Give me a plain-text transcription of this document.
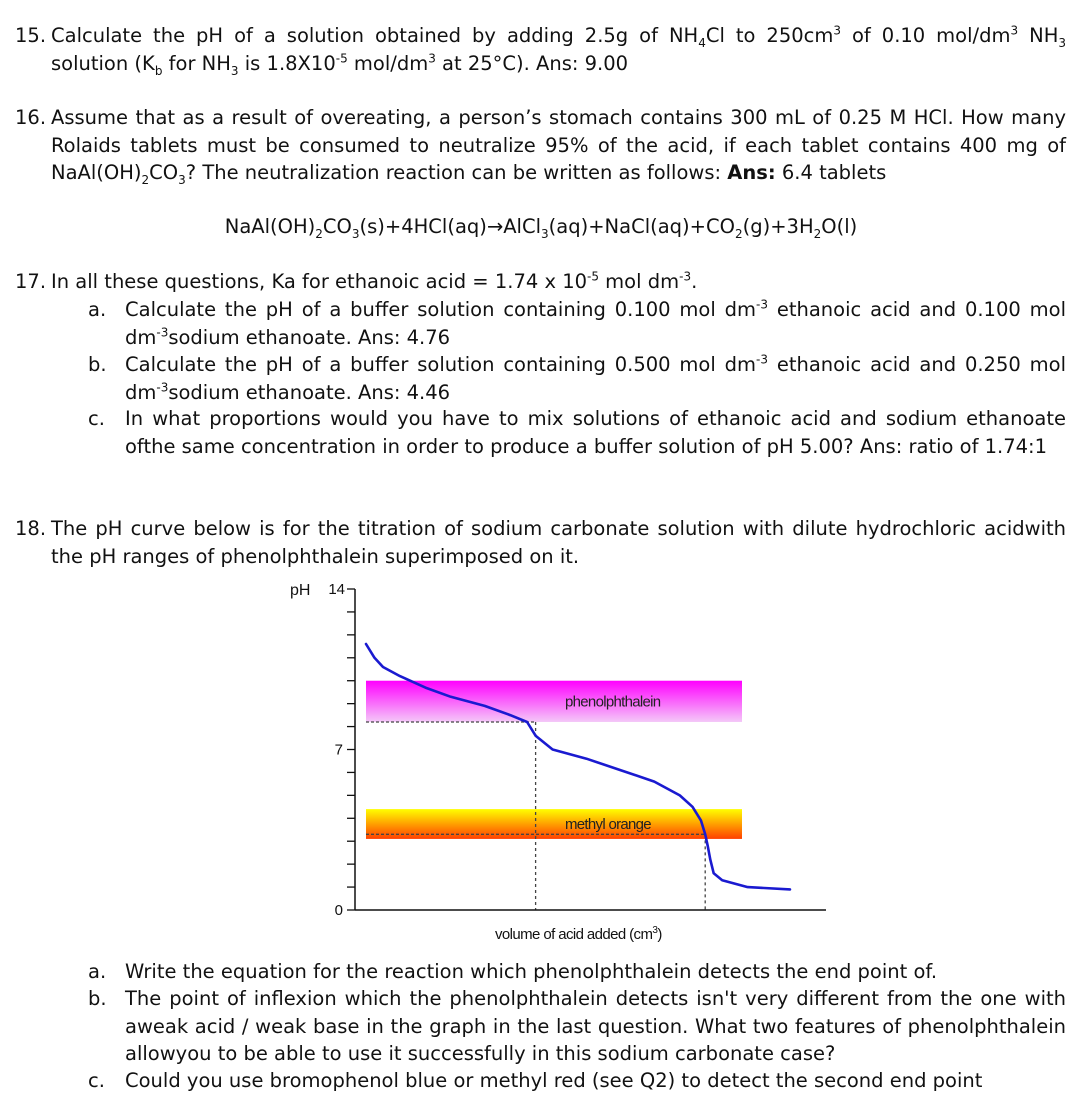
15. Calculate the pH of a solution obtained by adding 2.5g of $NH_4Cl$ to $250cm^3$ of 0.10 mol/$dm^3$ $NH_3$ solution ($K_b$ for $NH_3$ is $1.8X10^{-5}$ mol/$dm^3$ at 25°C). Ans: 9.00
16. Assume that as a result of overeating, a person’s stomach contains 300 mL of 0.25 M HCl. How many Rolaids tablets must be consumed to neutralize 95% of the acid, if each tablet contains 400 mg of $NaAl(OH)_2CO_3$? The neutralization reaction can be written as follows: Ans: 6.4 tablets
$NaAl(OH)_2CO_3(s)+4HCl(aq)\to AlCl_3(aq)+NaCl(aq)+CO_2(g)+3H_2O(l)$
17. In all these questions, Ka for ethanoic acid = 1.74 x $10^{-5}$ mol $dm^{-3}$.
a. Calculate the pH of a buffer solution containing 0.100 mol $dm^{-3}$ ethanoic acid and 0.100 mol $dm^{-3}sodium$ ethanoate. Ans: 4.76
b. Calculate the pH of a buffer solution containing 0.500 mol $dm^{-3}$ ethanoic acid and 0.250 mol $dm^{-3}sodium$ ethanoate. Ans: 4.46
c. In what proportions would you have to mix solutions of ethanoic acid and sodium ethanoate ofthe same concentration in order to produce a buffer solution of pH 5.00? Ans: ratio of 1.74:1
18. The pH curve below is for the titration of sodium carbonate solution with dilute hydrochloric acidwith the pH ranges of phenolphthalein superimposed on it.
14
7
0
phenolphthalein
methyl orange
pH
volume of acid added $(cm^3)$
a. Write the equation for the reaction which phenolphthalein detects the end point of.
b. The point of inflexion which the phenolphthalein detects isn't very different from the one with aweak acid / weak base in the graph in the last question. What two features of phenolphthalein allowyou to be able to use it successfully in this sodium carbonate case?
c. Could you use bromophenol blue or methyl red (see Q2) to detect the second end point
